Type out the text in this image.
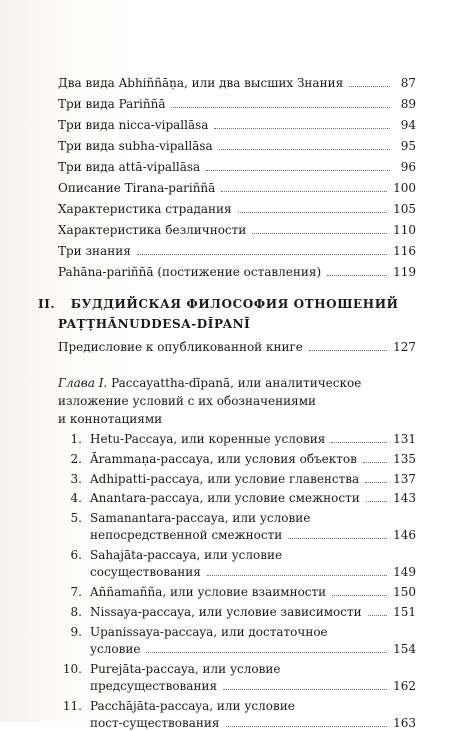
Два вида Abhiññāṇa, или два высших Знания	87
Три вида Pariññā	89
Три вида nicca-vipallāsa	94
Три вида subha-vipallāsa	95
Три вида attā-vipallāsa	96
Описание Tirana-pariññā	100
Характеристика страдания	105
Характеристика безличности	110
Три знания	116
Pahāna-pariññā (постижение оставления)	119
II. БУДДИЙСКАЯ ФИЛОСОФИЯ ОТНОШЕНИЙ
PAṬṬHĀNUDDESA-DĪPANĪ
Предисловие к опубликованной книге	127
Глава I. Paccayattha-dīpanā, или аналитическое
изложение условий с их обозначениями
и коннотациями
1. Hetu-Paccaya, или коренные условия	131
2. Ārammaṇa-paccaya, или условия объектов	135
3. Adhipatti-paccaya, или условие главенства	137
4. Anantara-paccaya, или условие смежности	143
5. Samanantara-paccaya, или условие
непосредственной смежности	146
6. Sahajāta-paccaya, или условие
сосуществования	149
7. Aññamañña, или условие взаимности	150
8. Nissaya-paccaya, или условие зависимости	151
9. Upanissaya-paccaya, или достаточное
условие	154
10. Purejāta-paccaya, или условие
предсуществования	162
11. Pacchājāta-paccaya, или условие
пост-существования	163
